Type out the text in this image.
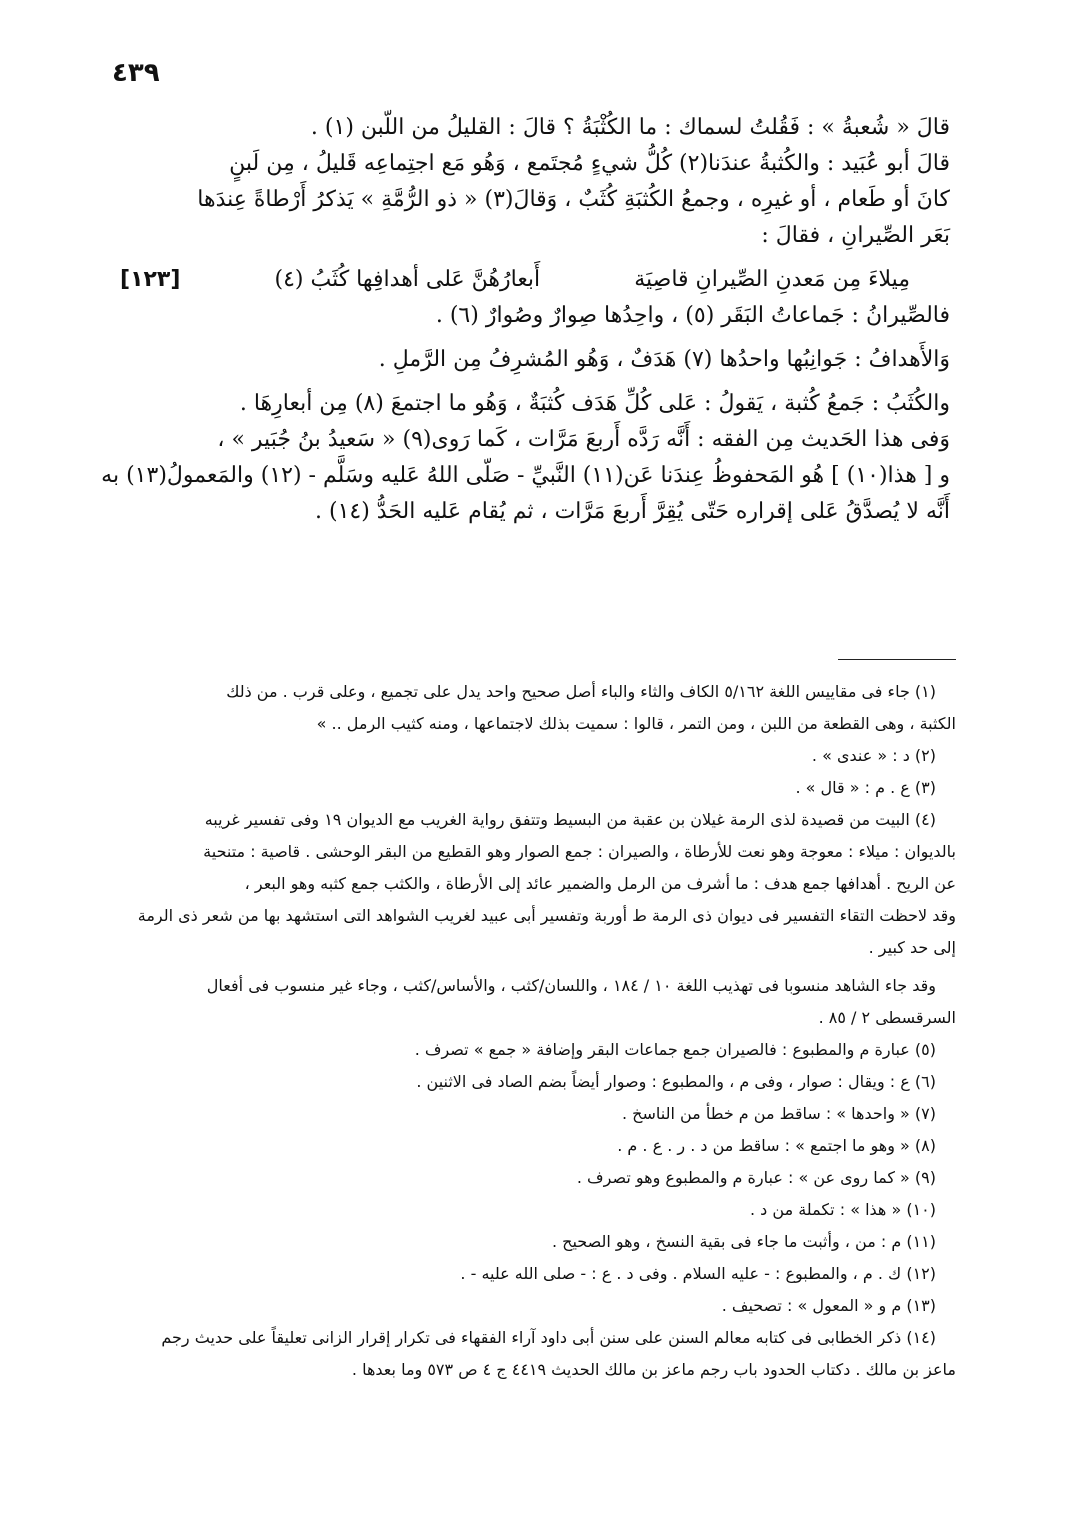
٤٣٩
قالَ « شُعبةُ » : فَقُلتُ لسماك : ما الكُثْبَةُ ؟ قالَ : القليلُ من اللّبن (١) .
قالَ أبو عُبَيد : والكُثبةُ عندَنا(٢) كُلُّ شيءٍ مُجتَمع ، وَهُو مَع اجتِماعِه قَليلُ ، مِن لَبنٍ
كانَ أو طَعام ، أو غيرِه ، وجمعُ الكُثبَةِ كُثَبٌ ، وَقالَ(٣) « ذو الرُّمَّةِ » يَذكرُ أَرْطاةً عِندَها
بَعَر الصِّيرانِ ، فقالَ :
مِيلاءَ مِن مَعدنِ الصِّيرانِ قاصِيَة
أَبعارُهُنَّ عَلى أهدافِها كُثَبُ (٤)
[١٢٣]
فالصِّيرانُ : جَماعاتُ البَقَر (٥) ، واحِدُها صِوارٌ وصُوارٌ (٦) .
وَالأَهدافُ : جَوانِبُها واحدُها (٧) هَدَفٌ ، وَهُو المُشرِفُ مِن الرَّملِ .
والكُثَبُ : جَمعُ كُثبة ، يَقولُ : عَلى كُلِّ هَدَف كُثبَةٌ ، وَهُو ما اجتمعَ (٨) مِن أبعارِهَا .
وَفى هذا الحَديث مِن الفقه : أَنَّه رَدَّه أَربعَ مَرَّات ، كَما رَوى(٩) « سَعيدُ بنُ جُبَير » ،
و [ هذا(١٠) ] هُو المَحفوظُ عِندَنا عَن(١١) النَّبيِّ - صَلّى اللهُ عَليه وسَلَّم - (١٢) والمَعمولُ(١٣) به
أَنَّه لا يُصدَّقُ عَلى إقراره حَتّى يُقِرَّ أَربعَ مَرَّات ، ثم يُقام عَليه الحَدُّ (١٤) .
(١) جاء فى مقاييس اللغة ٥/١٦٢ الكاف والثاء والباء أصل صحيح واحد يدل على تجميع ، وعلى قرب . من ذلك
الكثبة ، وهى القطعة من اللبن ، ومن التمر ، قالوا : سميت بذلك لاجتماعها ، ومنه كثيب الرمل .. »
(٢) د : « عندى » .
(٣) ع . م : « قال » .
(٤) البيت من قصيدة لذى الرمة غيلان بن عقبة من البسيط وتتفق رواية الغريب مع الديوان ١٩ وفى تفسير غريبه
بالديوان : ميلاء : معوجة وهو نعت للأرطاة ، والصيران : جمع الصوار وهو القطيع من البقر الوحشى . قاصية : متنحية
عن الريح . أهدافها جمع هدف : ما أشرف من الرمل والضمير عائد إلى الأرطاة ، والكثب جمع كثبه وهو البعر ،
وقد لاحظت التقاء التفسير فى ديوان ذى الرمة ط أوربة وتفسير أبى عبيد لغريب الشواهد التى استشهد بها من شعر ذى الرمة
إلى حد كبير .
وقد جاء الشاهد منسوبا فى تهذيب اللغة ١٠ / ١٨٤ ، واللسان/كثب ، والأساس/كثب ، وجاء غير منسوب فى أفعال
السرقسطى ٢ / ٨٥ .
(٥) عبارة م والمطبوع : فالصيران جمع جماعات البقر وإضافة « جمع » تصرف .
(٦) ع : ويقال : صوار ، وفى م ، والمطبوع : وصوار أيضاً بضم الصاد فى الاثنين .
(٧) « واحدها » : ساقط من م خطأ من الناسخ .
(٨) « وهو ما اجتمع » : ساقط من د . ر . ع . م .
(٩) « كما روى عن » : عبارة م والمطبوع وهو تصرف .
(١٠) « هذا » : تكملة من د .
(١١) م : من ، وأثبت ما جاء فى بقية النسخ ، وهو الصحيح .
(١٢) ك . م ، والمطبوع : - عليه السلام . وفى د . ع : - صلى الله عليه - .
(١٣) م و « المعول » : تصحيف .
(١٤) ذكر الخطابى فى كتابه معالم السنن على سنن أبى داود آراء الفقهاء فى تكرار إقرار الزانى تعليقاً على حديث رجم
ماعز بن مالك . دكتاب الحدود باب رجم ماعز بن مالك الحديث ٤٤١٩ ج ٤ ص ٥٧٣ وما بعدها .
